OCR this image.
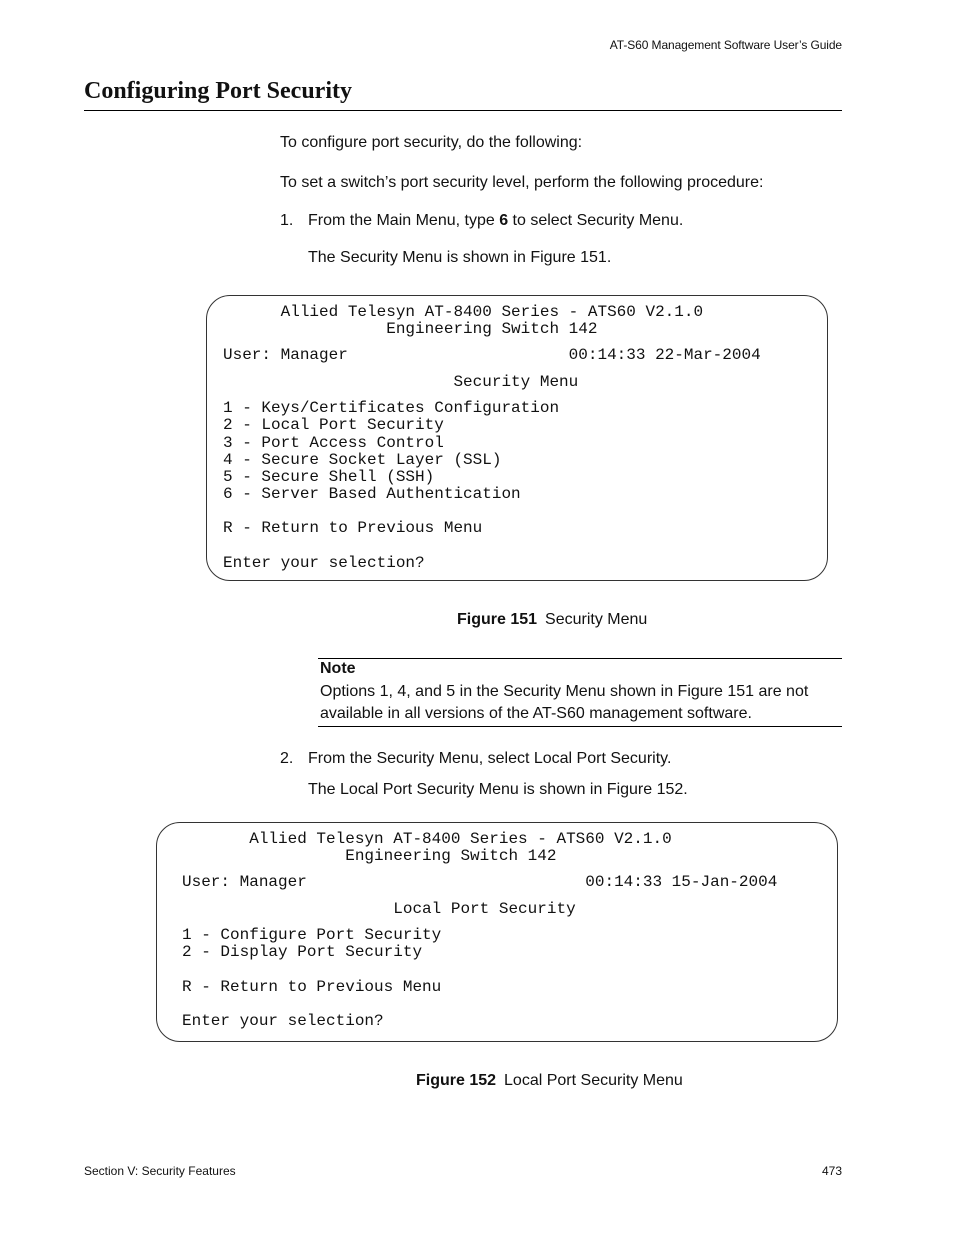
AT-S60 Management Software User’s Guide
Configuring Port Security
To configure port security, do the following:
To set a switch’s port security level, perform the following procedure:
1. From the Main Menu, type 6 to select Security Menu.
The Security Menu is shown in Figure 151.
Allied Telesyn AT-8400 Series - ATS60 V2.1.0
Engineering Switch 142
User: Manager                       00:14:33 22-Mar-2004
Security Menu
1 - Keys/Certificates Configuration
2 - Local Port Security
3 - Port Access Control
4 - Secure Socket Layer (SSL)
5 - Secure Shell (SSH)
6 - Server Based Authentication
R - Return to Previous Menu
Enter your selection?
Figure 151 Security Menu
Note
Options 1, 4, and 5 in the Security Menu shown in Figure 151 are not available in all versions of the AT-S60 management software.
2. From the Security Menu, select Local Port Security.
The Local Port Security Menu is shown in Figure 152.
Allied Telesyn AT-8400 Series - ATS60 V2.1.0
Engineering Switch 142
User: Manager                             00:14:33 15-Jan-2004
Local Port Security
1 - Configure Port Security
2 - Display Port Security
R - Return to Previous Menu
Enter your selection?
Figure 152 Local Port Security Menu
Section V: Security Features	473
